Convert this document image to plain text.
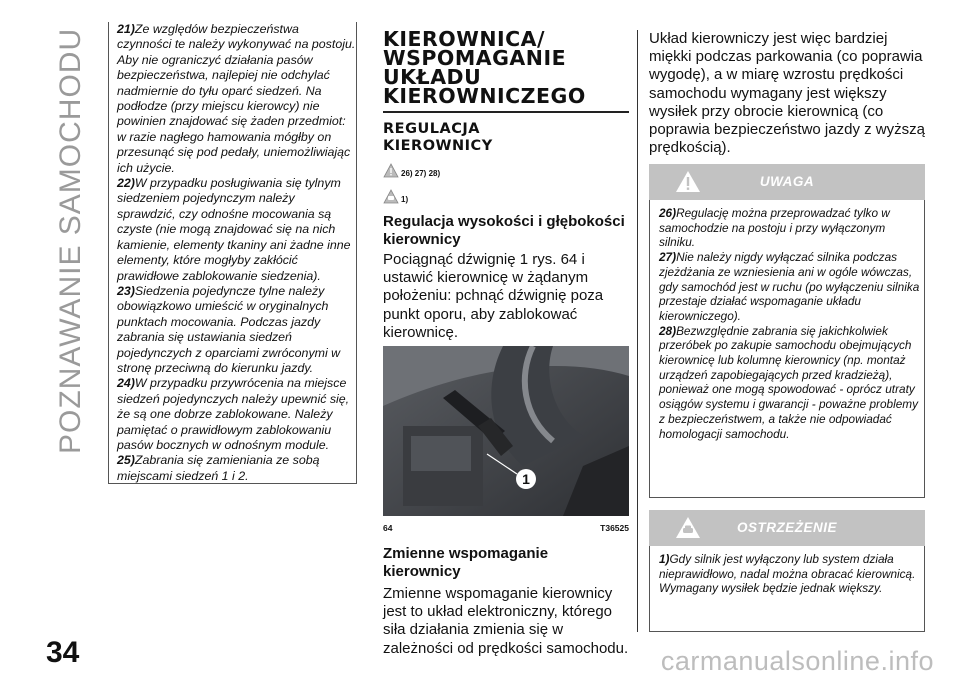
POZNAWANIE SAMOCHODU
34	carmanualsonline.info

21)Ze względów bezpieczeństwa czynności te należy wykonywać na postoju. Aby nie ograniczyć działania pasów bezpieczeństwa, najlepiej nie odchylać nadmiernie do tyłu oparć siedzeń. Na podłodze (przy miejscu kierowcy) nie powinien znajdować się żaden przedmiot: w razie nagłego hamowania mógłby on przesunąć się pod pedały, uniemożliwiając ich użycie.

22)W przypadku posługiwania się tylnym siedzeniem pojedynczym należy sprawdzić, czy odnośne mocowania są czyste (nie mogą znajdować się na nich kamienie, elementy tkaniny ani żadne inne elementy, które mogłyby zakłócić prawidłowe zablokowanie siedzenia).

23)Siedzenia pojedyncze tylne należy obowiązkowo umieścić w oryginalnych punktach mocowania. Podczas jazdy zabrania się ustawiania siedzeń pojedynczych z oparciami zwróconymi w stronę przeciwną do kierunku jazdy.

24)W przypadku przywrócenia na miejsce siedzeń pojedynczych należy upewnić się, że są one dobrze zablokowane. Należy pamiętać o prawidłowym zablokowaniu pasów bocznych w odnośnym module.

25)Zabrania się zamieniania ze sobą miejscami siedzeń 1 i 2.

KIEROWNICA/
WSPOMAGANIE
UKŁADU
KIEROWNICZEGO
REGULACJA
KIEROWNICY
26) 27) 28)
1)
Regulacja wysokości i głębokości kierownicy

Pociągnąć dźwignię 1 rys. 64 i ustawić kierownicę w żądanym położeniu: pchnąć dźwignię poza punkt oporu, aby zablokować kierownicę.

1
64	T36525
Zmienne wspomaganie kierownicy

Zmienne wspomaganie kierownicy jest to układ elektroniczny, którego siła działania zmienia się w zależności od prędkości samochodu.

Układ kierowniczy jest więc bardziej miękki podczas parkowania (co poprawia wygodę), a w miarę wzrostu prędkości samochodu wymagany jest większy wysiłek przy obrocie kierownicą (co poprawia bezpieczeństwo jazdy z wyższą prędkością).

UWAGA

26)Regulację można przeprowadzać tylko w samochodzie na postoju i przy wyłączonym silniku.

27)Nie należy nigdy wyłączać silnika podczas zjeżdżania ze wzniesienia ani w ogóle wówczas, gdy samochód jest w ruchu (po wyłączeniu silnika przestaje działać wspomaganie układu kierowniczego).

28)Bezwzględnie zabrania się jakichkolwiek przeróbek po zakupie samochodu obejmujących kierownicę lub kolumnę kierownicy (np. montaż urządzeń zapobiegających przed kradzieżą), ponieważ one mogą spowodować - oprócz utraty osiągów systemu i gwarancji - poważne problemy z bezpieczeństwem, a także nie odpowiadać homologacji samochodu.

OSTRZEŻENIE

1)Gdy silnik jest wyłączony lub system działa nieprawidłowo, nadal można obracać kierownicą. Wymagany wysiłek będzie jednak większy.
